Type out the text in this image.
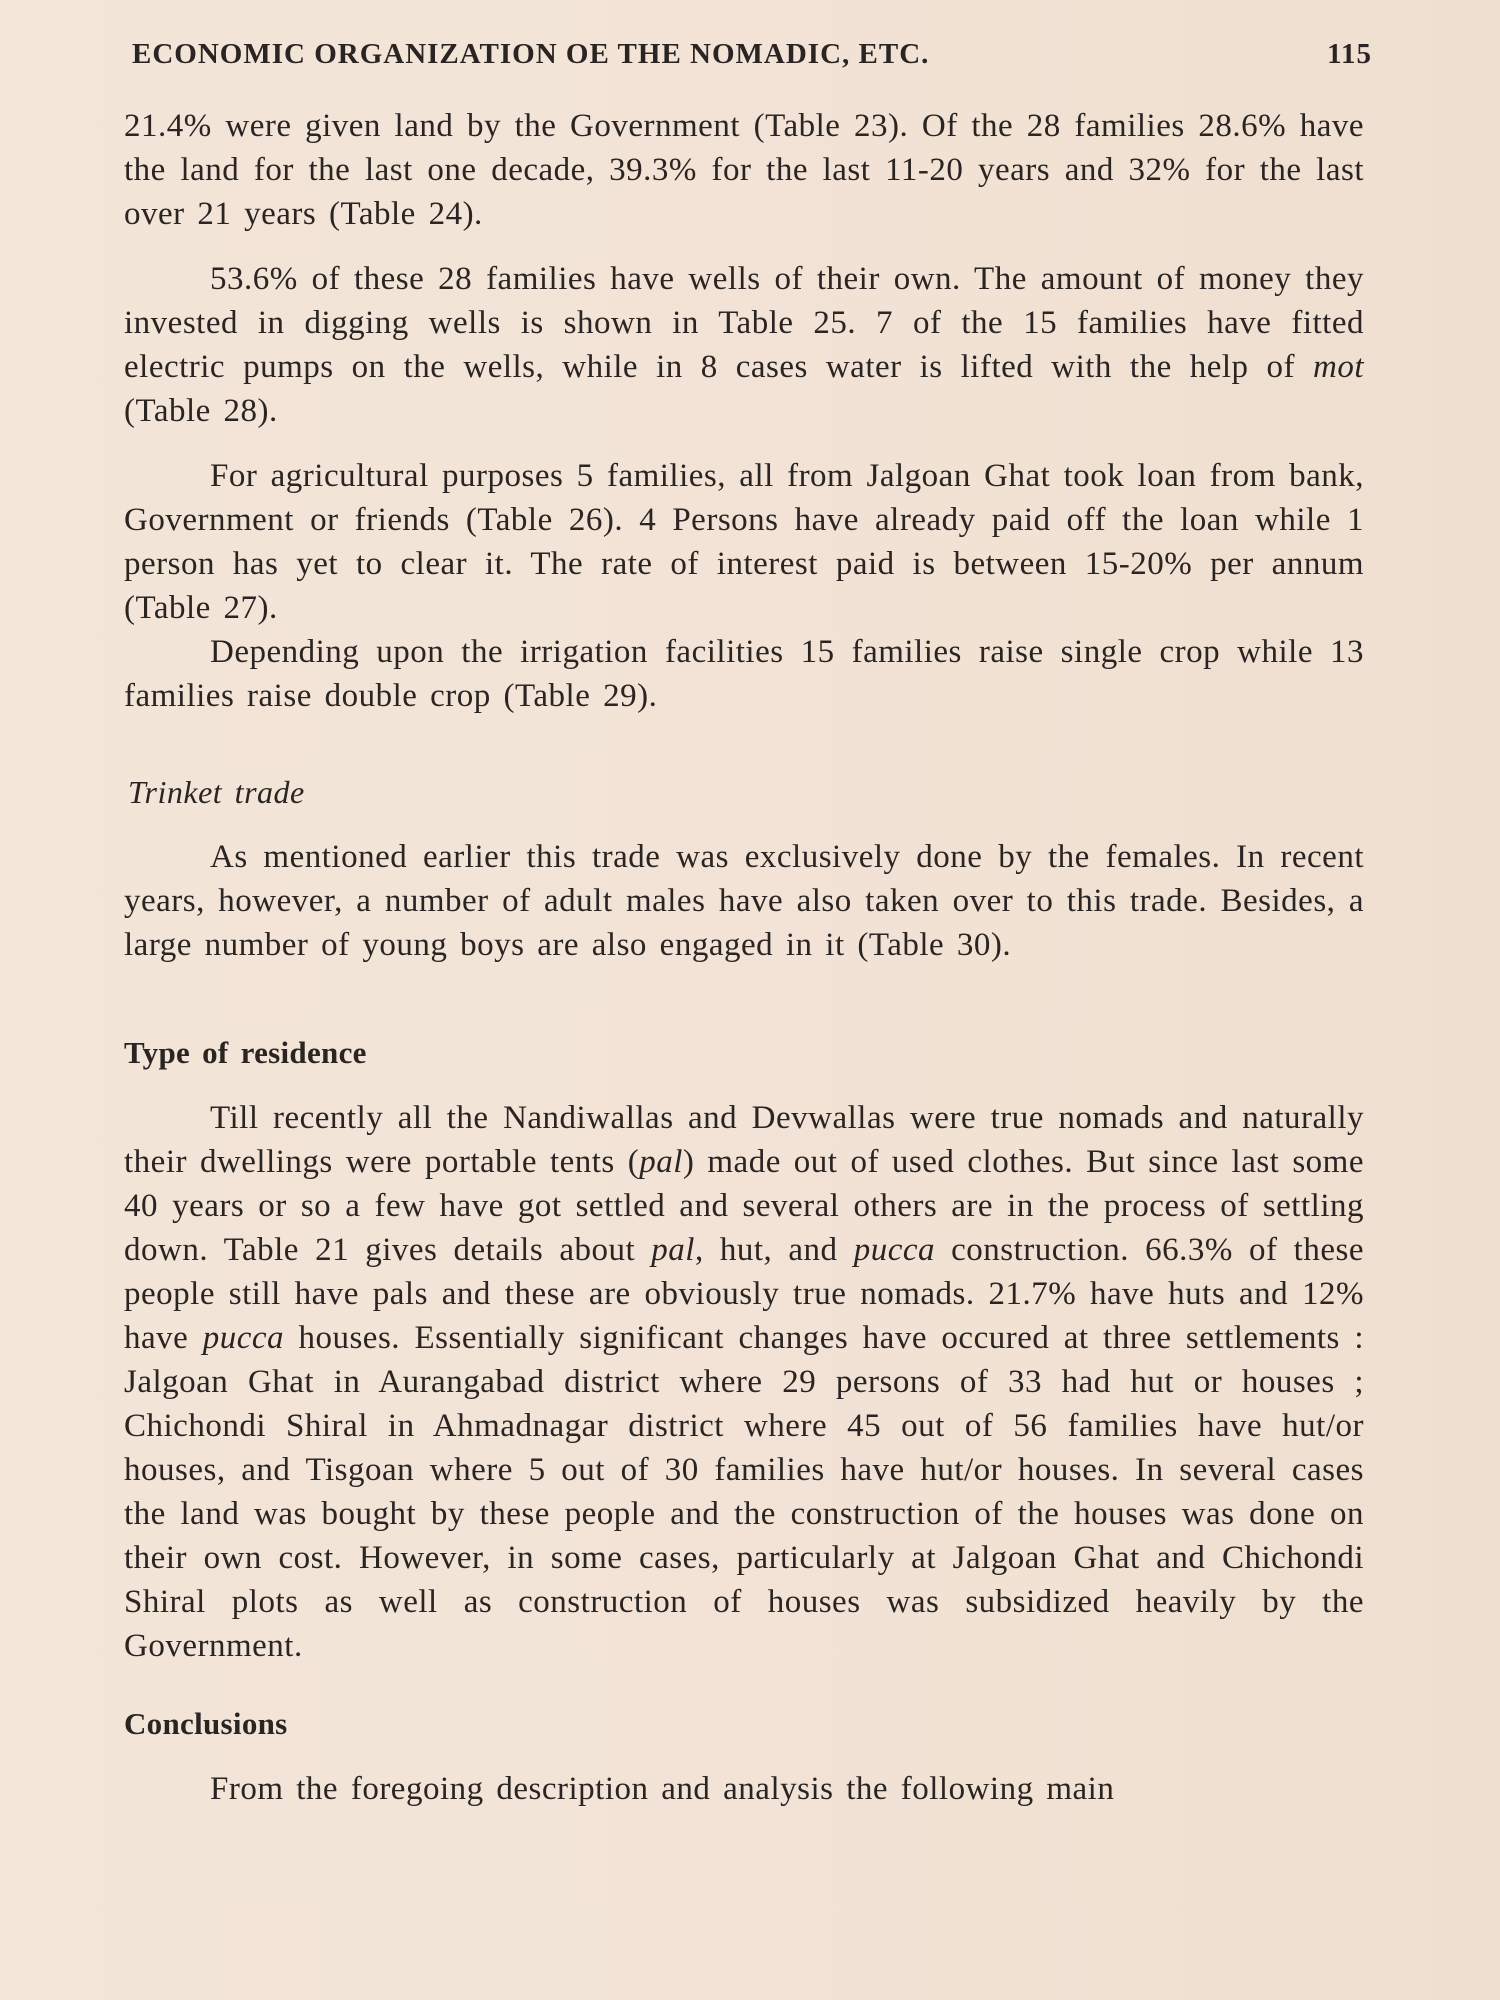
ECONOMIC ORGANIZATION OE THE NOMADIC, ETC.	115

21.4% were given land by the Government (Table 23). Of the 28 families 28.6% have the land for the last one decade, 39.3% for the last 11-20 years and 32% for the last over 21 years (Table 24).

53.6% of these 28 families have wells of their own. The amount of money they invested in digging wells is shown in Table 25. 7 of the 15 families have fitted electric pumps on the wells, while in 8 cases water is lifted with the help of mot (Table 28).

For agricultural purposes 5 families, all from Jalgoan Ghat took loan from bank, Government or friends (Table 26). 4 Persons have already paid off the loan while 1 person has yet to clear it. The rate of interest paid is between 15-20% per annum (Table 27).

Depending upon the irrigation facilities 15 families raise single crop while 13 families raise double crop (Table 29).

Trinket trade

As mentioned earlier this trade was exclusively done by the females. In recent years, however, a number of adult males have also taken over to this trade. Besides, a large number of young boys are also engaged in it (Table 30).

Type of residence

Till recently all the Nandiwallas and Devwallas were true nomads and naturally their dwellings were portable tents (pal) made out of used clothes. But since last some 40 years or so a few have got settled and several others are in the process of settling down. Table 21 gives details about pal, hut, and pucca construction. 66.3% of these people still have pals and these are obviously true nomads. 21.7% have huts and 12% have pucca houses. Essentially significant changes have occured at three settlements : Jalgoan Ghat in Aurangabad district where 29 persons of 33 had hut or houses ; Chichondi Shiral in Ahmadnagar district where 45 out of 56 families have hut/or houses, and Tisgoan where 5 out of 30 families have hut/or houses. In several cases the land was bought by these people and the construction of the houses was done on their own cost. However, in some cases, particularly at Jalgoan Ghat and Chichondi Shiral plots as well as construction of houses was subsidized heavily by the Government.

Conclusions

From the foregoing description and analysis the following main
